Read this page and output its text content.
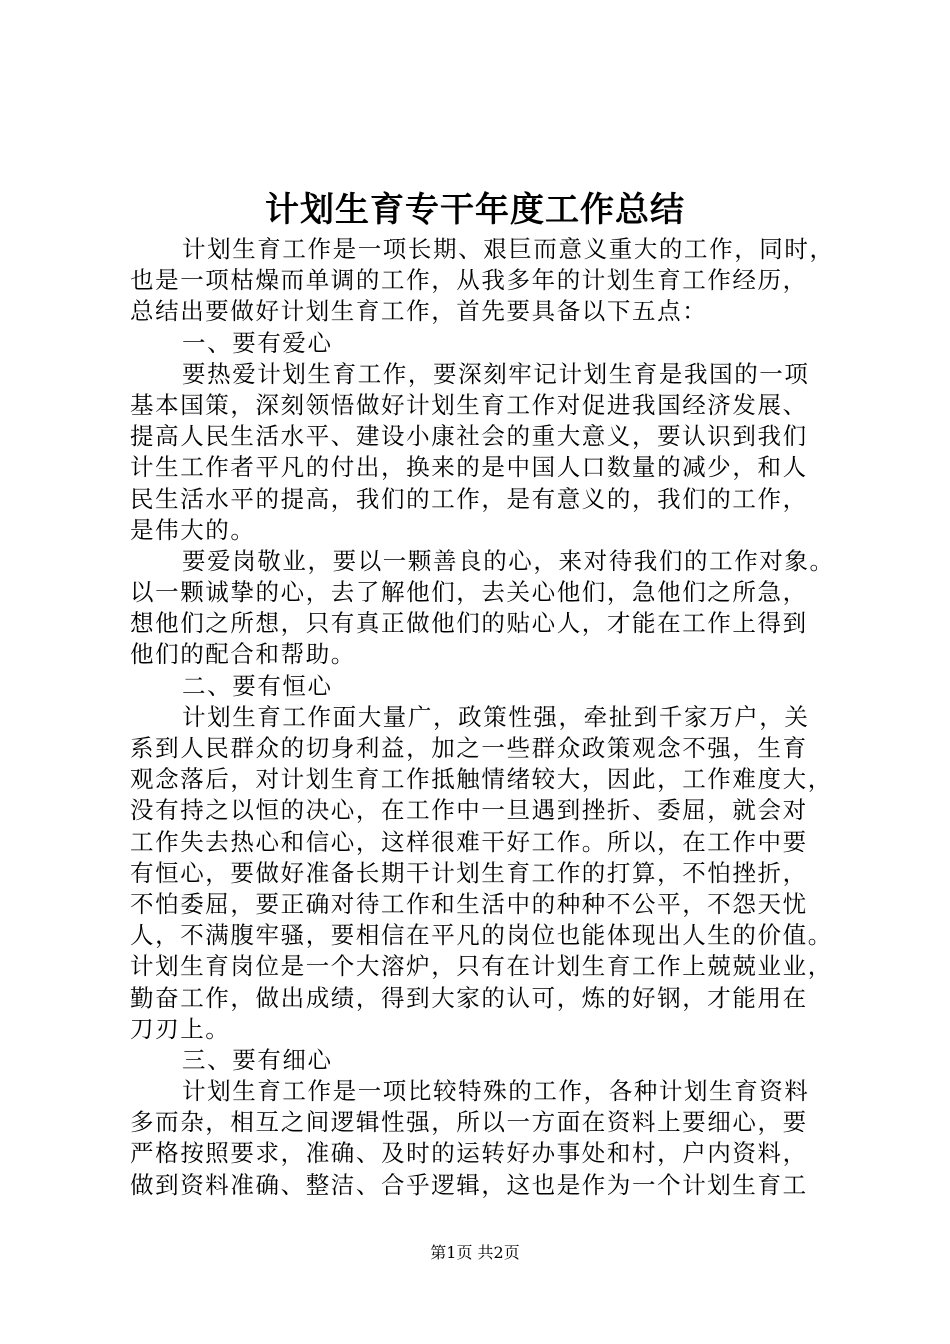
计划生育专干年度工作总结
计划生育工作是一项长期、艰巨而意义重大的工作，同时，
也是一项枯燥而单调的工作，从我多年的计划生育工作经历，
总结出要做好计划生育工作，首先要具备以下五点：
一、要有爱心
要热爱计划生育工作，要深刻牢记计划生育是我国的一项
基本国策，深刻领悟做好计划生育工作对促进我国经济发展、
提高人民生活水平、建设小康社会的重大意义，要认识到我们
计生工作者平凡的付出，换来的是中国人口数量的减少，和人
民生活水平的提高，我们的工作，是有意义的，我们的工作，
是伟大的。
要爱岗敬业，要以一颗善良的心，来对待我们的工作对象。
以一颗诚挚的心，去了解他们，去关心他们，急他们之所急，
想他们之所想，只有真正做他们的贴心人，才能在工作上得到
他们的配合和帮助。
二、要有恒心
计划生育工作面大量广，政策性强，牵扯到千家万户，关
系到人民群众的切身利益，加之一些群众政策观念不强，生育
观念落后，对计划生育工作抵触情绪较大，因此，工作难度大，
没有持之以恒的决心，在工作中一旦遇到挫折、委屈，就会对
工作失去热心和信心，这样很难干好工作。所以，在工作中要
有恒心，要做好准备长期干计划生育工作的打算，不怕挫折，
不怕委屈，要正确对待工作和生活中的种种不公平，不怨天忧
人，不满腹牢骚，要相信在平凡的岗位也能体现出人生的价值。
计划生育岗位是一个大溶炉，只有在计划生育工作上兢兢业业，
勤奋工作，做出成绩，得到大家的认可，炼的好钢，才能用在
刀刃上。
三、要有细心
计划生育工作是一项比较特殊的工作，各种计划生育资料
多而杂，相互之间逻辑性强，所以一方面在资料上要细心，要
严格按照要求，准确、及时的运转好办事处和村，户内资料，
做到资料准确、整洁、合乎逻辑，这也是作为一个计划生育工
第1页 共2页
